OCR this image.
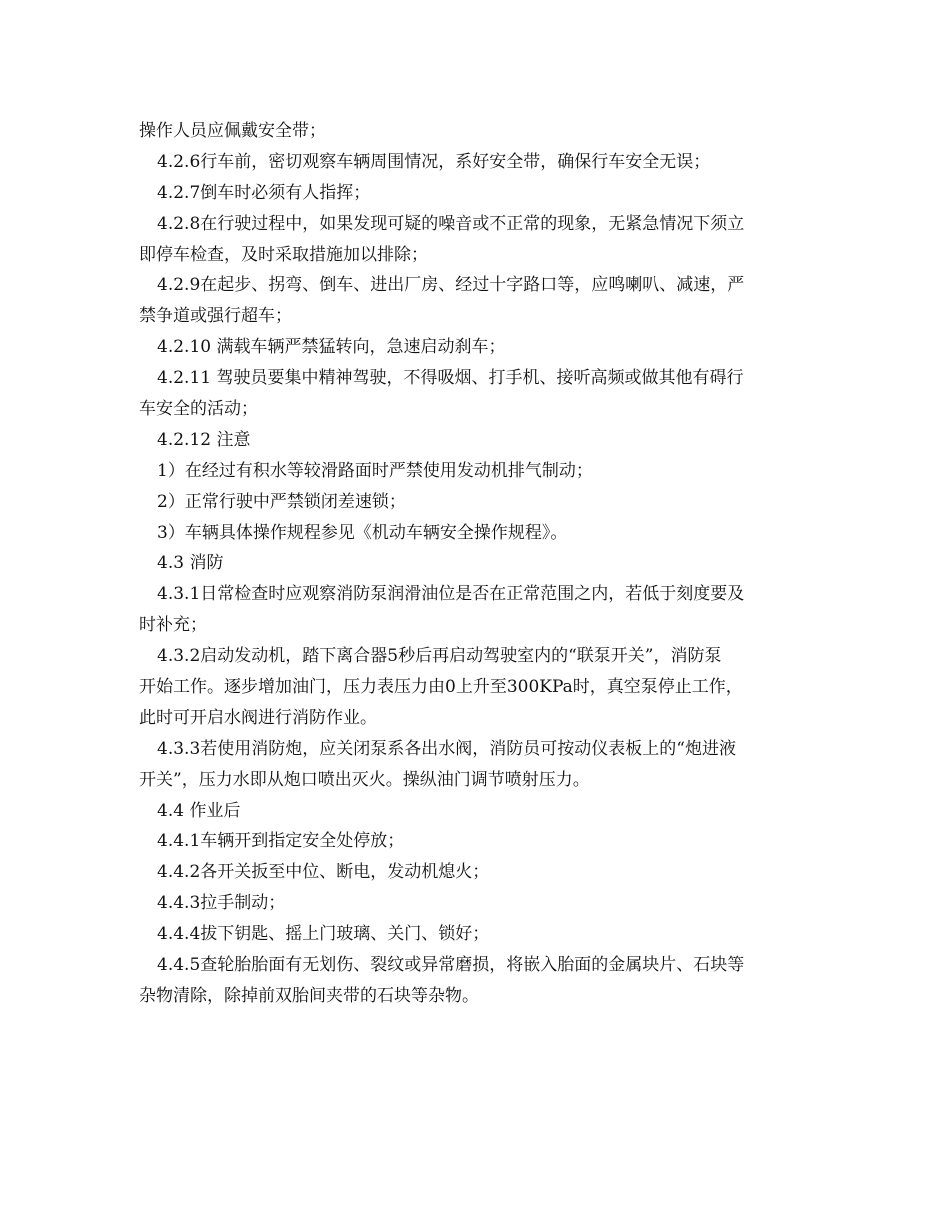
操作人员应佩戴安全带；
4.2.6行车前，密切观察车辆周围情况，系好安全带，确保行车安全无误；
4.2.7倒车时必须有人指挥；
4.2.8在行驶过程中，如果发现可疑的噪音或不正常的现象，无紧急情况下须立
即停车检查，及时采取措施加以排除；
4.2.9在起步、拐弯、倒车、进出厂房、经过十字路口等，应鸣喇叭、减速，严
禁争道或强行超车；
4.2.10 满载车辆严禁猛转向，急速启动刹车；
4.2.11 驾驶员要集中精神驾驶，不得吸烟、打手机、接听高频或做其他有碍行
车安全的活动；
4.2.12 注意
1）在经过有积水等较滑路面时严禁使用发动机排气制动；
2）正常行驶中严禁锁闭差速锁；
3）车辆具体操作规程参见《机动车辆安全操作规程》。
4.3 消防
4.3.1日常检查时应观察消防泵润滑油位是否在正常范围之内，若低于刻度要及
时补充；
4.3.2启动发动机，踏下离合器5秒后再启动驾驶室内的“联泵开关”，消防泵
开始工作。逐步增加油门，压力表压力由0上升至300KPa时，真空泵停止工作，
此时可开启水阀进行消防作业。
4.3.3若使用消防炮，应关闭泵系各出水阀，消防员可按动仪表板上的“炮进液
开关”，压力水即从炮口喷出灭火。操纵油门调节喷射压力。
4.4 作业后
4.4.1车辆开到指定安全处停放；
4.4.2各开关扳至中位、断电，发动机熄火；
4.4.3拉手制动；
4.4.4拔下钥匙、摇上门玻璃、关门、锁好；
4.4.5查轮胎胎面有无划伤、裂纹或异常磨损，将嵌入胎面的金属块片、石块等
杂物清除，除掉前双胎间夹带的石块等杂物。
